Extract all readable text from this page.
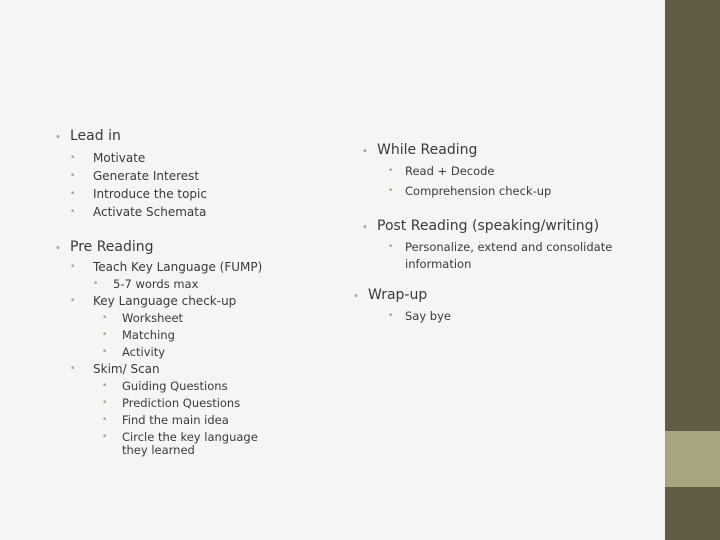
• Lead in
• Motivate
• Generate Interest
• Introduce the topic
• Activate Schemata
• Pre Reading
• Teach Key Language (FUMP)
• 5-7 words max
• Key Language check-up
• Worksheet
• Matching
• Activity
• Skim/ Scan
• Guiding Questions
• Prediction Questions
• Find the main idea
• Circle the key language they learned
• While Reading
• Read + Decode
• Comprehension check-up
• Post Reading (speaking/writing)
• Personalize, extend and consolidate information
• Wrap-up
• Say bye
